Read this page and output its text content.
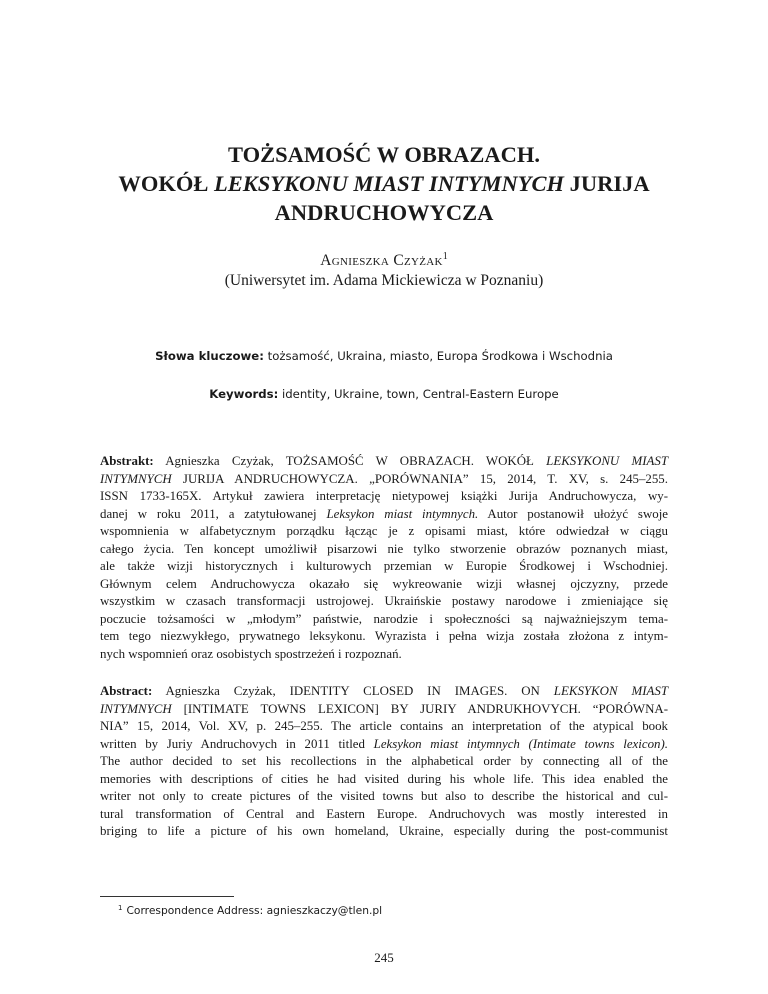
TOŻSAMOŚĆ W OBRAZACH.
WOKÓŁ LEKSYKONU MIAST INTYMNYCH JURIJA
ANDRUCHOWYCZA
Agnieszka Czyżak$^1$
(Uniwersytet im. Adama Mickiewicza w Poznaniu)
Słowa kluczowe: tożsamość, Ukraina, miasto, Europa Środkowa i Wschodnia
Keywords: identity, Ukraine, town, Central-Eastern Europe
Abstrakt: Agnieszka Czyżak, TOŻSAMOŚĆ W OBRAZACH. WOKÓŁ LEKSYKONU MIAST
INTYMNYCH JURIJA ANDRUCHOWYCZA. „PORÓWNANIA” 15, 2014, T. XV, s. 245–255.
ISSN 1733-165X. Artykuł zawiera interpretację nietypowej książki Jurija Andruchowycza, wy-
danej w roku 2011, a zatytułowanej Leksykon miast intymnych. Autor postanowił ułożyć swoje
wspomnienia w alfabetycznym porządku łącząc je z opisami miast, które odwiedzał w ciągu
całego życia. Ten koncept umożliwił pisarzowi nie tylko stworzenie obrazów poznanych miast,
ale także wizji historycznych i kulturowych przemian w Europie Środkowej i Wschodniej.
Głównym celem Andruchowycza okazało się wykreowanie wizji własnej ojczyzny, przede
wszystkim w czasach transformacji ustrojowej. Ukraińskie postawy narodowe i zmieniające się
poczucie tożsamości w „młodym” państwie, narodzie i społeczności są najważniejszym tema-
tem tego niezwykłego, prywatnego leksykonu. Wyrazista i pełna wizja została złożona z intym-
nych wspomnień oraz osobistych spostrzeżeń i rozpoznań.
Abstract: Agnieszka Czyżak, IDENTITY CLOSED IN IMAGES. ON LEKSYKON MIAST
INTYMNYCH [INTIMATE TOWNS LEXICON] BY JURIY ANDRUKHOVYCH. “PORÓWNA-
NIA” 15, 2014, Vol. XV, p. 245–255. The article contains an interpretation of the atypical book
written by Juriy Andruchovych in 2011 titled Leksykon miast intymnych (Intimate towns lexicon).
The author decided to set his recollections in the alphabetical order by connecting all of the
memories with descriptions of cities he had visited during his whole life. This idea enabled the
writer not only to create pictures of the visited towns but also to describe the historical and cul-
tural transformation of Central and Eastern Europe. Andruchovych was mostly interested in
briging to life a picture of his own homeland, Ukraine, especially during the post-communist
$^1$ Correspondence Address: agnieszkaczy@tlen.pl
245
